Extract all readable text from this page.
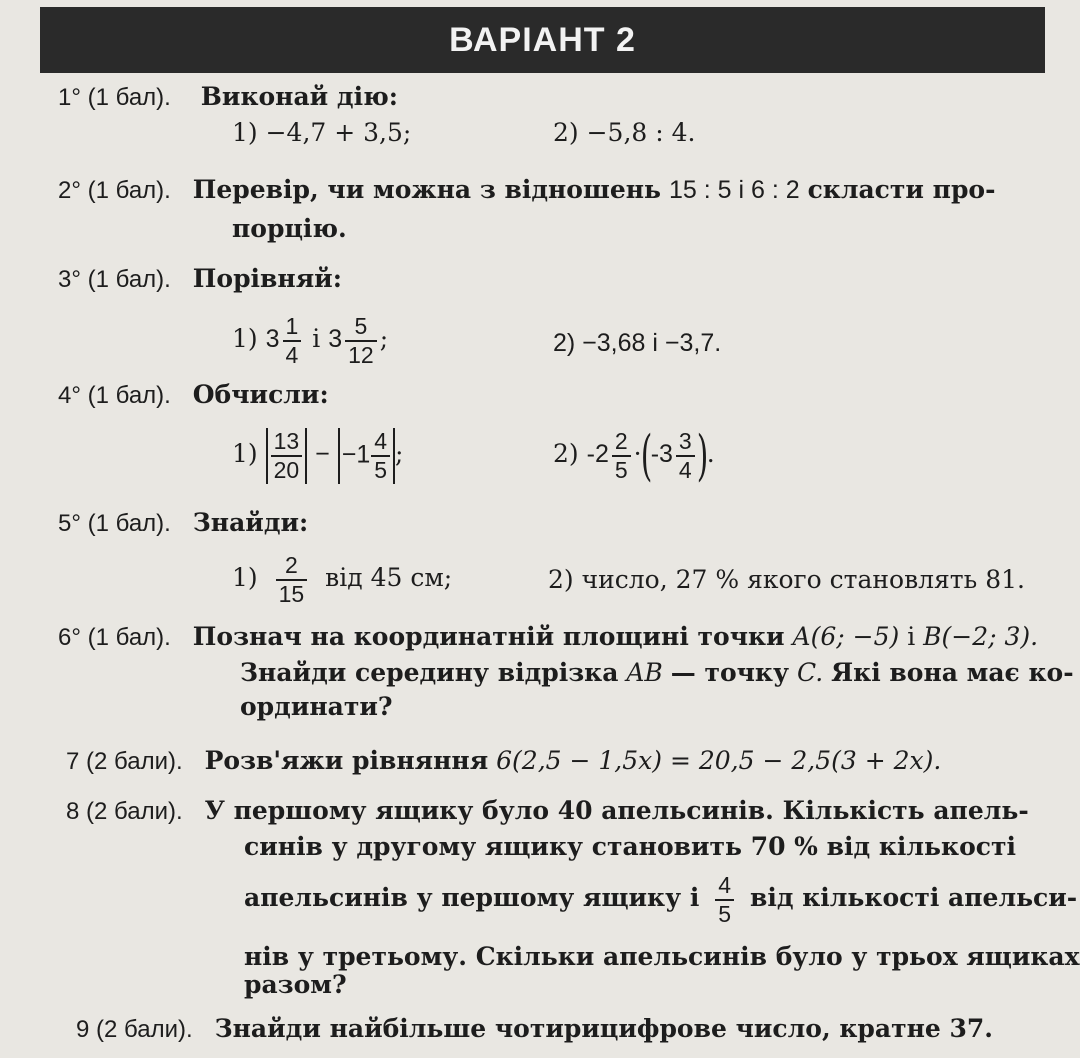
ВАРІАНТ 2
1° (1 бал). Виконай дію:
1) −4,7 + 3,5;	2) −5,8 : 4.
2° (1 бал). Перевір, чи можна з відношень 15 : 5 і 6 : 2 скласти про-
порцію.
3° (1 бал). Порівняй:
1) $3 \frac{1}{4}$ і $3 \frac{5}{12}$ ;	2) −3,68 і −3,7.
4° (1 бал). Обчисли:
$1) \frac{13}{20} - -1 \frac{4}{5}$ ;	2) $-2 \frac{2}{5} \cdot(-3 \frac{3}{4}$ ).
5° (1 бал). Знайди:
$1) \frac{2}{15}$ від 45 см;	2) число, 27 % якого становлять 81.
6° (1 бал). Познач на координатній площині точки A(6; −5) і B(−2; 3).
Знайди середину відрізка AB — точку C. Які вона має ко-
ординати?
7 (2 бали). Розв'яжи рівняння 6(2,5 − 1,5x) = 20,5 − 2,5(3 + 2x).
8 (2 бали). У першому ящику було 40 апельсинів. Кількість апель-
синів у другому ящику становить 70 % від кількості
апельсинів у першому ящику і $\frac{4}{5}$ від кількості апельси-
нів у третьому. Скільки апельсинів було у трьох ящиках
разом?
9 (2 бали). Знайди найбільше чотирицифрове число, кратне 37.
